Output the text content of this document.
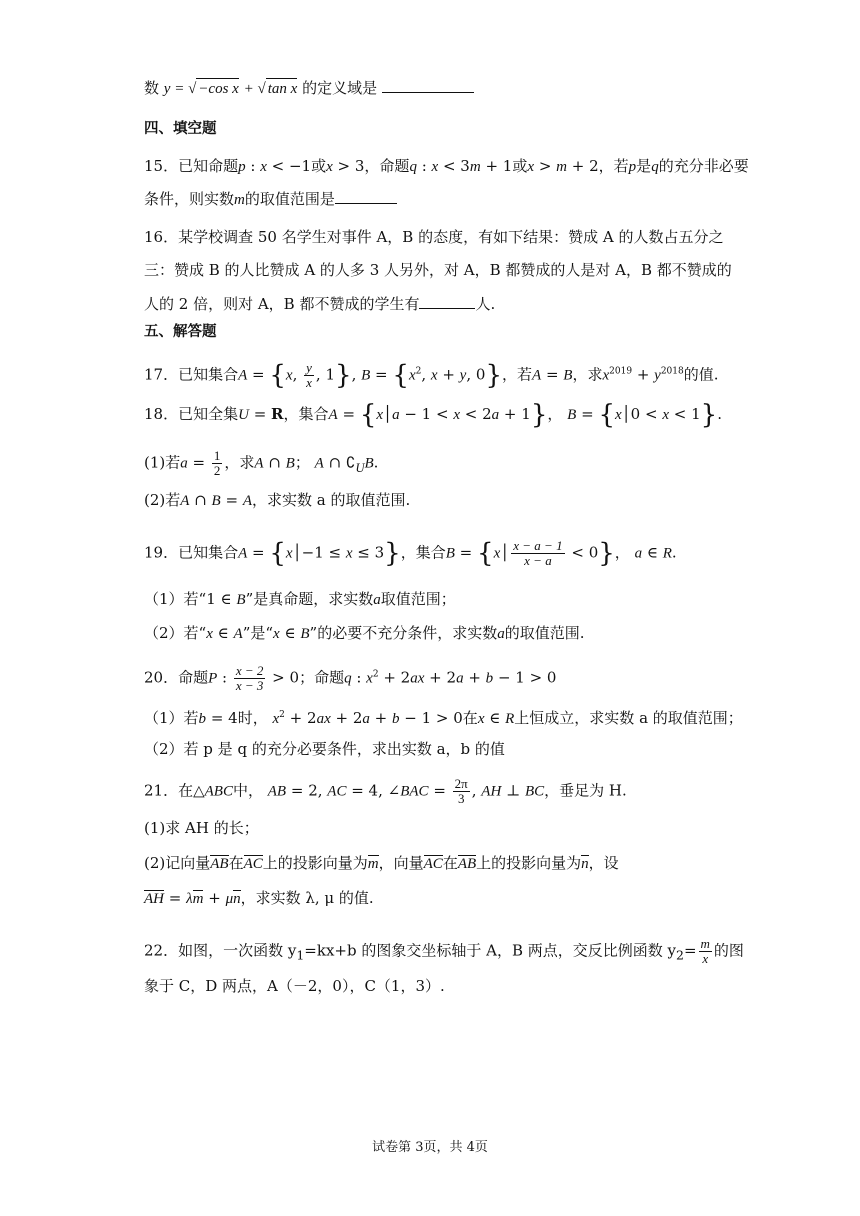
数 y = √ −cos x + √ tan x 的定义域是
四、填空题
15．已知命题p : x < −1或x > 3，命题q : x < 3m + 1或x > m + 2，若p是q的充分非必要
条件，则实数m的取值范围是
16．某学校调查 50 名学生对事件 A，B 的态度，有如下结果：赞成 A 的人数占五分之
三：赞成 B 的人比赞成 A 的人多 3 人另外，对 A，B 都赞成的人是对 A，B 都不赞成的
人的 2 倍，则对 A，B 都不赞成的学生有	人.
五、解答题
17．已知集合A = {x, $\frac{y}{x}$ , 1}, $B = \{x^2$, x + y, 0}，若A = B，求$x^{2019} + y^{2018}$的值.
18．已知全集U = R，集合A = {x│a − 1 < x < 2a + 1}， B = {x│0 < x < 1}.
(1)若$a = \frac{1}{2}$ ，求A ∩ B； A ∩ $∁_UB$.
(2)若A ∩ B = A，求实数 a 的取值范围.
19．已知集合A = {x│−1 ≤ x ≤ 3}，集合B = {x│ $\frac{x - a - 1}{x - a} < 0$}， a ∈ R.
（1）若“1 ∈ B”是真命题，求实数a取值范围；
（2）若“x ∈ A”是“x ∈ B”的必要不充分条件，求实数a的取值范围.
20．命题P : $\frac{x - 2}{x - 3} > 0$；命题q : $x^2 + 2ax + 2a + b - 1 > 0$
（1）若b = 4时， $x^2 + 2ax + 2a + b - 1 > 0$在x ∈ R上恒成立，求实数 a 的取值范围；
（2）若 p 是 q 的充分必要条件，求出实数 a，b 的值
21．在△ABC中， AB = 2, AC = 4, ∠BAC = $\frac{2\pi}{3}$ , AH ⊥ BC，垂足为 H.
(1)求 AH 的长；
(2)记向量AB在AC上的投影向量为m，向量AC在AB上的投影向量为n，设
AH = λm + μn，求实数 λ, μ 的值.
22．如图，一次函数 $y_1=kx+b$ 的图象交坐标轴于 A，B 两点，交反比例函数 $y_2= \frac{m}{x}$ 的图
象于 C，D 两点，A（－2，0），C（1，3）.
试卷第 3页，共 4页
